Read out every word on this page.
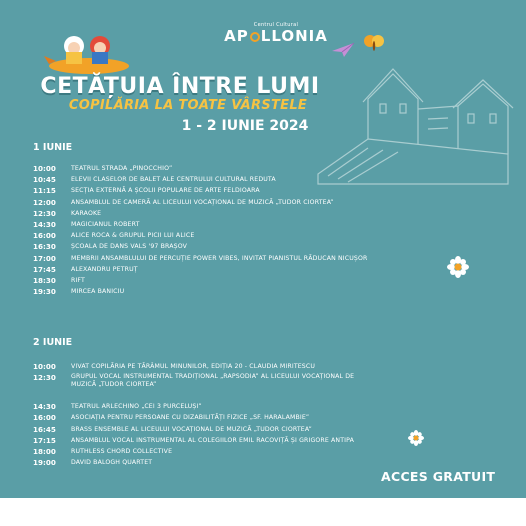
Centrul Cultural
AP LLONIA
CETĂȚUIA ÎNTRE LUMI
COPILĂRIA LA TOATE VÂRSTELE
1 - 2 IUNIE 2024
1 IUNIE
10:00	TEATRUL STRADA „PINOCCHIO”
10:45	ELEVII CLASELOR DE BALET ALE CENTRULUI CULTURAL REDUTA
11:15	SECȚIA EXTERNĂ A ȘCOLII POPULARE DE ARTE FELDIOARA
12:00	ANSAMBLUL DE CAMERĂ AL LICEULUI VOCAȚIONAL DE MUZICĂ „TUDOR CIORTEA”
12:30	KARAOKE
14:30	MAGICIANUL ROBERT
16:00	ALICE ROCA & GRUPUL PICII LUI ALICE
16:30	ȘCOALA DE DANS VALS '97 BRAȘOV
17:00	MEMBRII ANSAMBLULUI DE PERCUȚIE POWER VIBES, INVITAT PIANISTUL RĂDUCAN NICUȘOR
17:45	ALEXANDRU PETRUȚ
18:30	RIFT
19:30	MIRCEA BANICIU
2 IUNIE
10:00	VIVAT COPILĂRIA PE TĂRÂMUL MINUNILOR, EDIȚIA 20 - CLAUDIA MIRITESCU
12:30	GRUPUL VOCAL INSTRUMENTAL TRADIȚIONAL „RAPSODIA” AL LICEULUI VOCAȚIONAL DE MUZICĂ „TUDOR CIORTEA”
14:30	TEATRUL ARLECHINO „CEI 3 PURCELUȘI”
16:00	ASOCIAȚIA PENTRU PERSOANE CU DIZABILITĂȚI FIZICE „SF. HARALAMBIE”
16:45	BRASS ENSEMBLE AL LICEULUI VOCAȚIONAL DE MUZICĂ „TUDOR CIORTEA”
17:15	ANSAMBLUL VOCAL INSTRUMENTAL AL COLEGIILOR EMIL RACOVIȚĂ ȘI GRIGORE ANTIPA
18:00	RUTHLESS CHORD COLLECTIVE
19:00	DAVID BALOGH QUARTET
ACCES GRATUIT
